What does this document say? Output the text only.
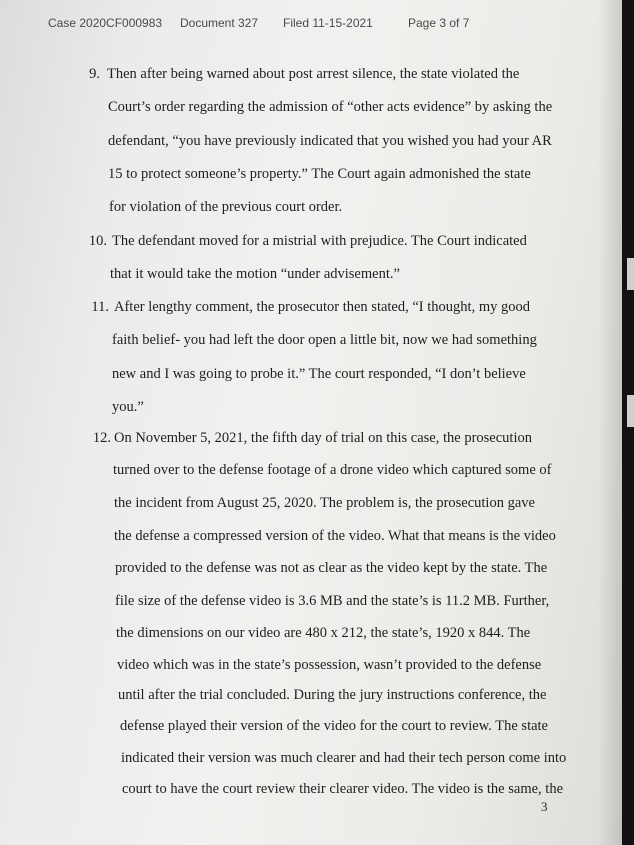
Case 2020CF000983 Document 327 Filed 11-15-2021	Page 3 of 7
9. Then after being warned about post arrest silence, the state violated the
Court’s order regarding the admission of “other acts evidence” by asking the
defendant, “you have previously indicated that you wished you had your AR
15 to protect someone’s property.” The Court again admonished the state
for violation of the previous court order.
10. The defendant moved for a mistrial with prejudice. The Court indicated
that it would take the motion “under advisement.”
11. After lengthy comment, the prosecutor then stated, “I thought, my good
faith belief- you had left the door open a little bit, now we had something
new and I was going to probe it.” The court responded, “I don’t believe
you.”
12. On November 5, 2021, the fifth day of trial on this case, the prosecution
turned over to the defense footage of a drone video which captured some of
the incident from August 25, 2020. The problem is, the prosecution gave
the defense a compressed version of the video. What that means is the video
provided to the defense was not as clear as the video kept by the state. The
file size of the defense video is 3.6 MB and the state’s is 11.2 MB. Further,
the dimensions on our video are 480 x 212, the state’s, 1920 x 844. The
video which was in the state’s possession, wasn’t provided to the defense
until after the trial concluded. During the jury instructions conference, the
defense played their version of the video for the court to review. The state
indicated their version was much clearer and had their tech person come into
court to have the court review their clearer video. The video is the same, the
3
